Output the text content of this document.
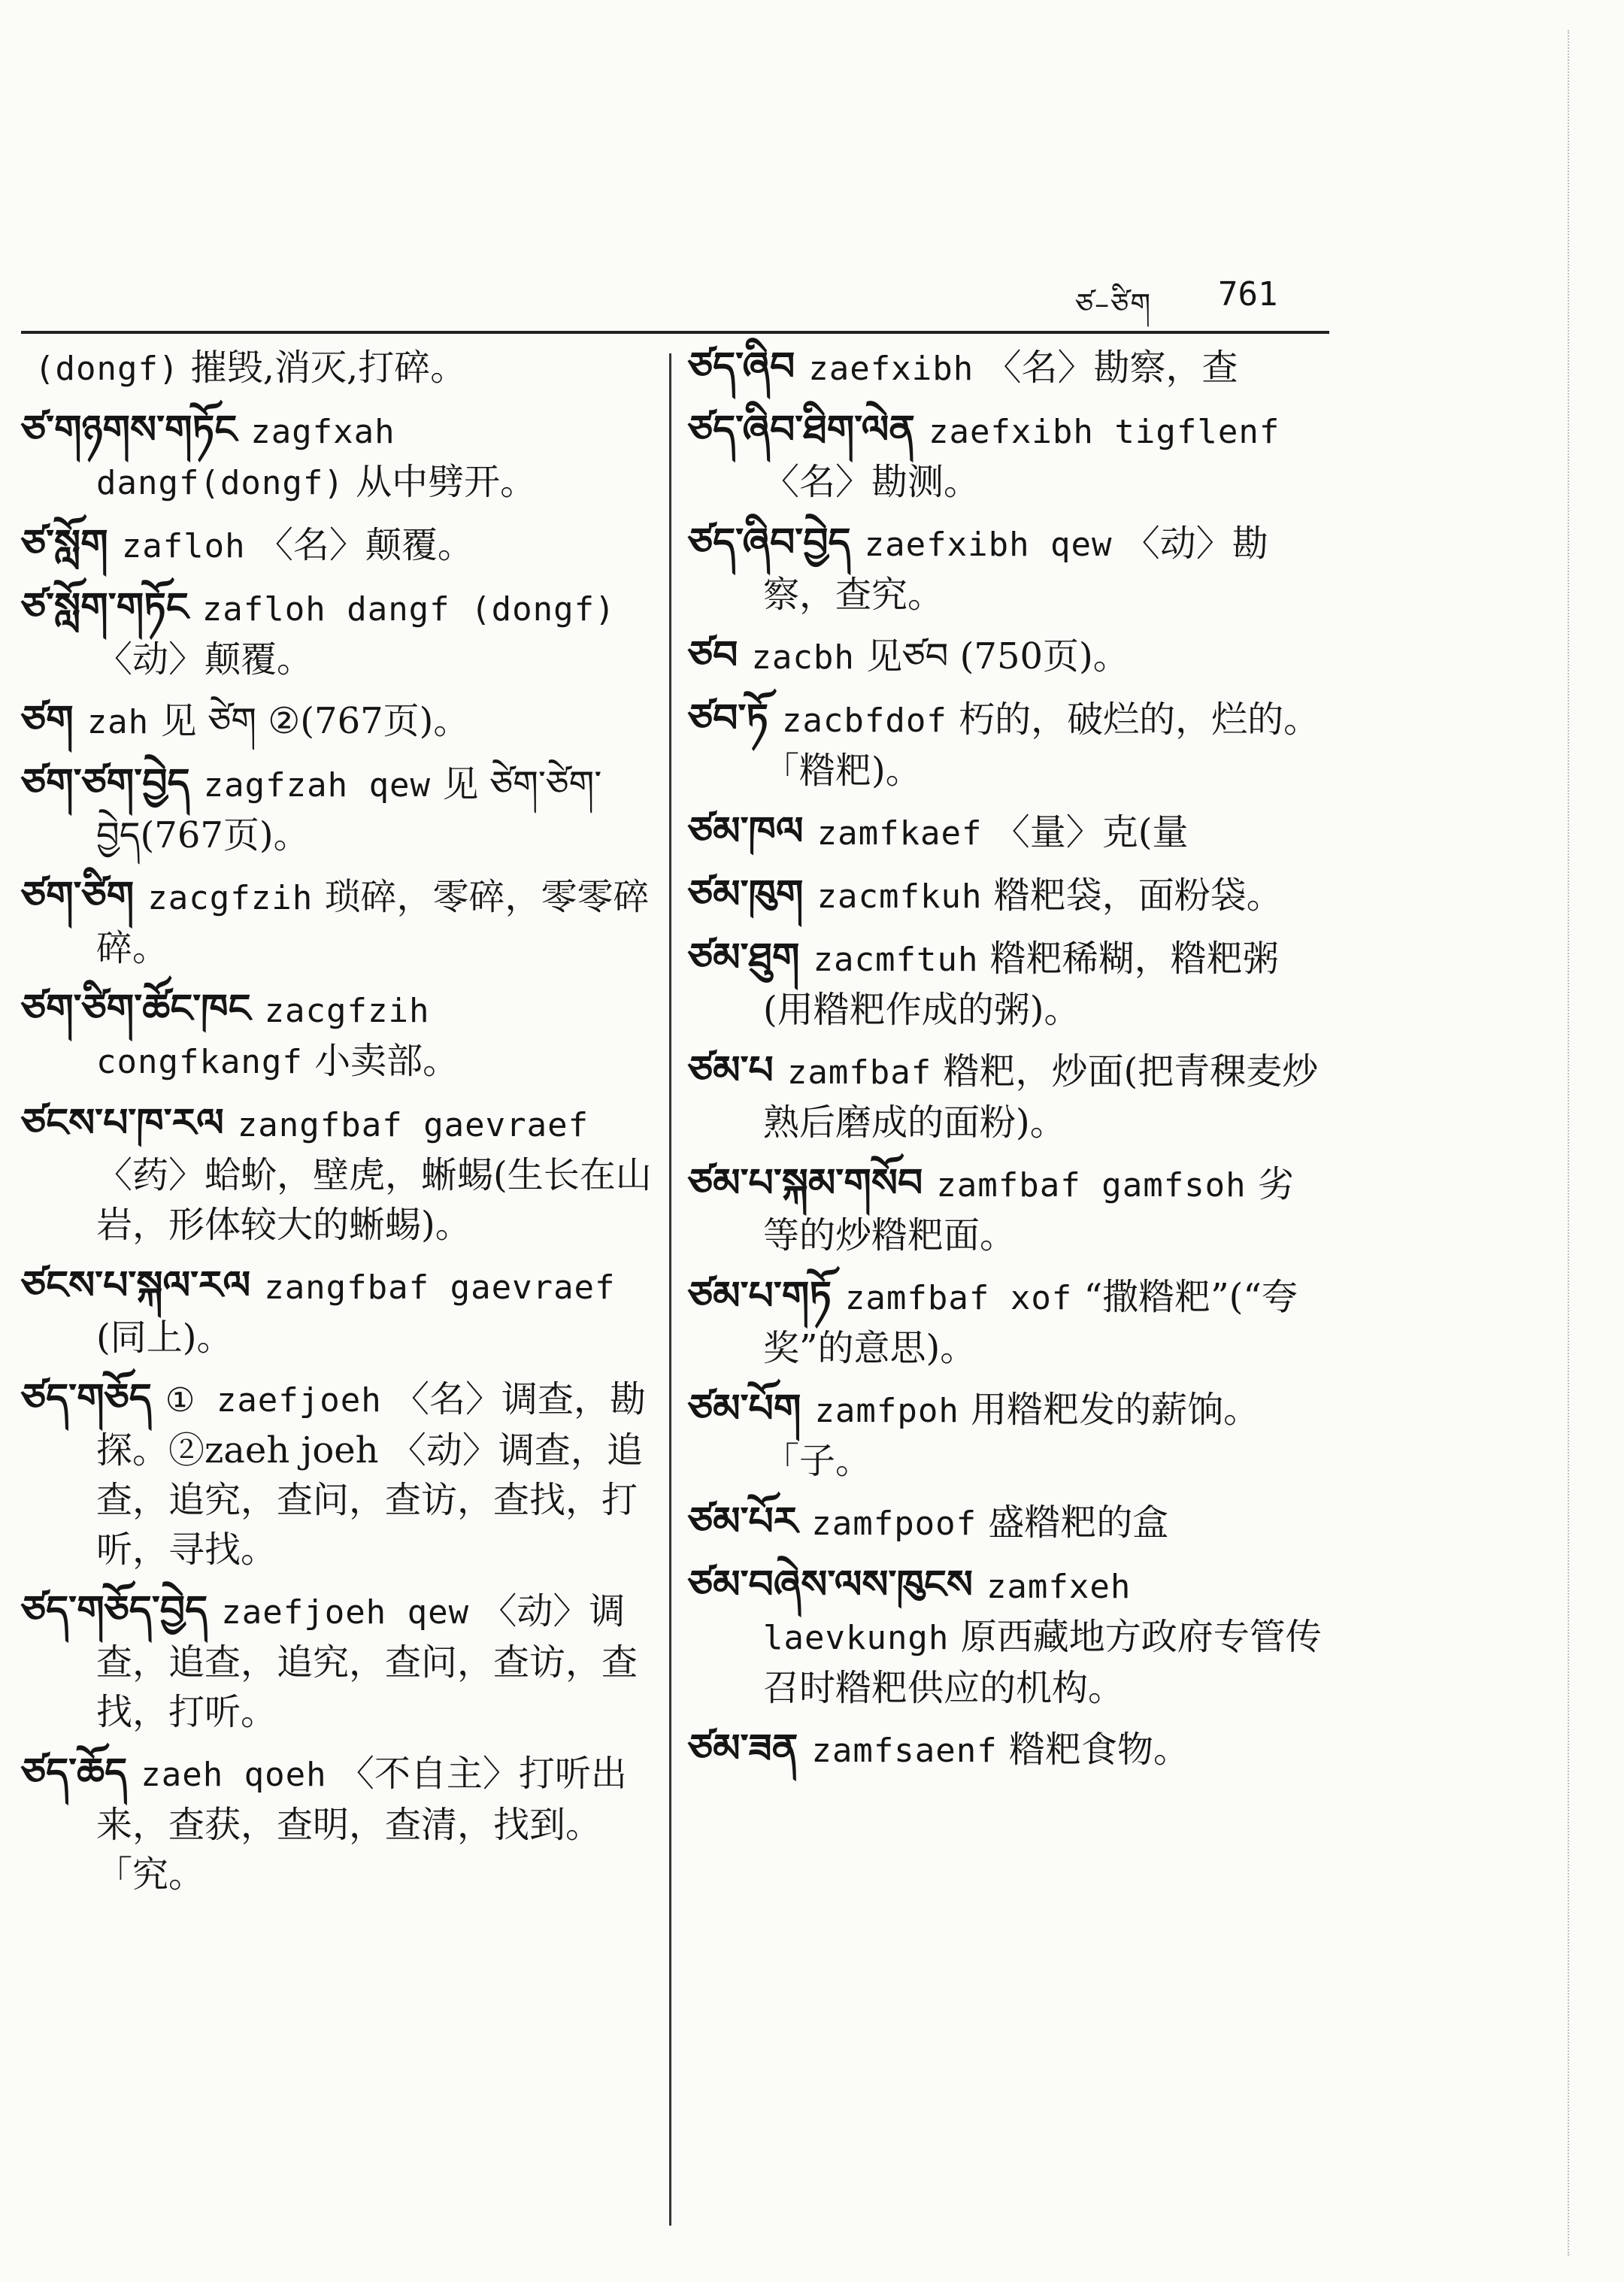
ཙ–ཙིག 761

(dongf) 摧毁,消灭,打碎。

ཙ་གཉགས་གཏོང zagfxah dangf(dongf) 从中劈开。

ཙ་སློག zafloh 〈名〉颠覆。

ཙ་སློག་གཏོང zafloh dangf (dongf) 〈动〉颠覆。

ཙག zah 见 ཙེག ②(767页)。

ཙག་ཙག་བྱེད zagfzah qew 见 ཙེག་ཙེག་བྱེད(767页)。

ཙག་ཙིག zacgfzih 琐碎，零碎，零零碎碎。

ཙག་ཙིག་ཚོང་ཁང zacgfzih congfkangf 小卖部。

ཙངས་པ་ཁ་རལ zangfbaf gaevraef 〈药〉蛤蚧，壁虎，蜥蜴(生长在山岩，形体较大的蜥蜴)。

ཙངས་པ་སྐལ་རལ zangfbaf gaevraef (同上)。

ཙད་གཅོད ① zaefjoeh 〈名〉调查，勘探。②zaeh joeh 〈动〉调查，追查，追究，查问，查访，查找，打听，寻找。

ཙད་གཅོད་བྱེད zaefjoeh qew 〈动〉调查，追查，追究，查问，查访，查找，打听。

ཙད་ཆོད zaeh qoeh 〈不自主〉打听出来，查获，查明，查清，找到。「究。

ཙད་ཞིབ zaefxibh 〈名〉勘察，查

ཙད་ཞིབ་ཐིག་ལེན zaefxibh tigflenf 〈名〉勘测。

ཙད་ཞིབ་བྱེད zaefxibh qew 〈动〉勘察，查究。

ཙབ zacbh 见ཙབ (750页)。

ཙབ་ཏོ zacbfdof 朽的，破烂的，烂的。「糌粑)。

ཙམ་ཁལ zamfkaef 〈量〉克(量

ཙམ་ཁུག zacmfkuh 糌粑袋，面粉袋。

ཙམ་ཐུག zacmftuh 糌粑稀糊，糌粑粥(用糌粑作成的粥)。

ཙམ་པ zamfbaf 糌粑，炒面(把青稞麦炒熟后磨成的面粉)。

ཙམ་པ་སྐམ་གསོབ zamfbaf gamfsoh 劣等的炒糌粑面。

ཙམ་པ་གཏོ zamfbaf xof “撒糌粑”(“夸奖”的意思)。

ཙམ་པོག zamfpoh 用糌粑发的薪饷。「子。

ཙམ་པོར zamfpoof 盛糌粑的盒

ཙམ་བཞེས་ལས་ཁུངས zamfxeh laevkungh 原西藏地方政府专管传召时糌粑供应的机构。

ཙམ་ཟན zamfsaenf 糌粑食物。
